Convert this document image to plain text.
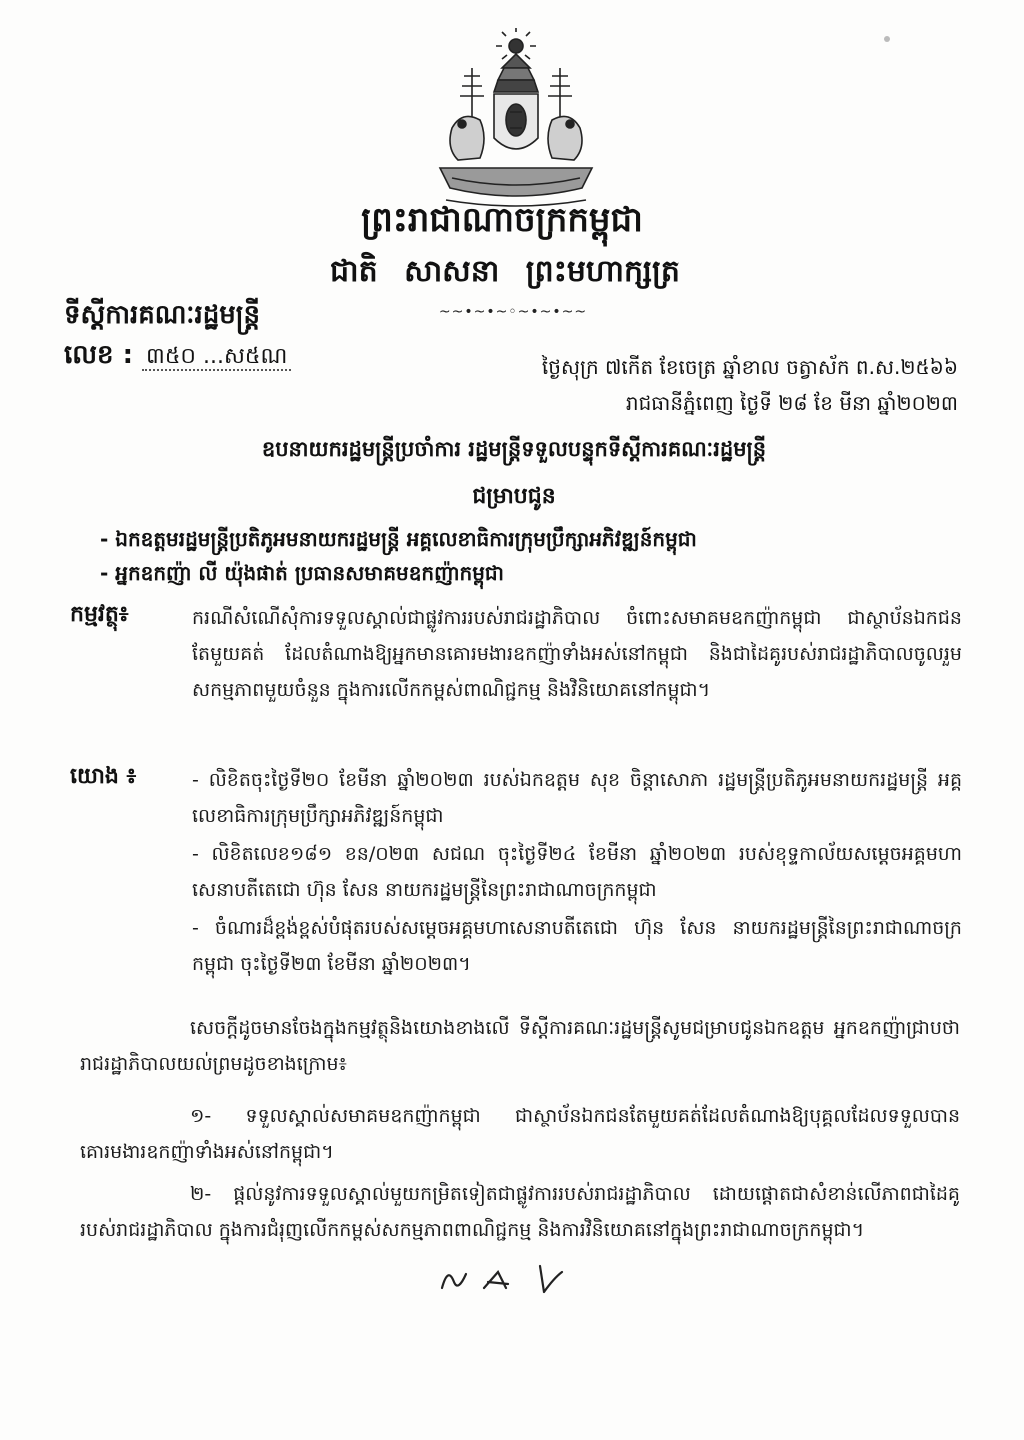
ព្រះរាជាណាចក្រកម្ពុជា
ជាតិ សាសនា ព្រះមហាក្សត្រ
~~•~•~◦~•~•~~
ទីស្តីការគណៈរដ្ឋមន្ត្រី
លេខ : ៣៥០ ...ស៥ណ	ថ្ងៃសុក្រ ៧កើត ខែចេត្រ ឆ្នាំខាល ចត្វាស័ក ព.ស.២៥៦៦
រាជធានីភ្នំពេញ ថ្ងៃទី ២៨ ខែ មីនា ឆ្នាំ២០២៣
ឧបនាយករដ្ឋមន្ត្រីប្រចាំការ រដ្ឋមន្ត្រីទទួលបន្ទុកទីស្តីការគណៈរដ្ឋមន្ត្រី
ជម្រាបជូន
- ឯកឧត្តមរដ្ឋមន្ត្រីប្រតិភូអមនាយករដ្ឋមន្ត្រី អគ្គលេខាធិការក្រុមប្រឹក្សាអភិវឌ្ឍន៍កម្ពុជា
- អ្នកឧកញ៉ា លី យ៉ុងផាត់ ប្រធានសមាគមឧកញ៉ាកម្ពុជា
កម្មវត្ថុ៖	ករណីសំណើសុំការទទួលស្គាល់ជាផ្លូវការរបស់រាជរដ្ឋាភិបាល ចំពោះសមាគមឧកញ៉ាកម្ពុជា ជាស្ថាប័នឯកជនតែមួយគត់ ដែលតំណាងឱ្យអ្នកមានគោរមងារឧកញ៉ាទាំងអស់នៅកម្ពុជា និងជាដៃគូរបស់រាជរដ្ឋាភិបាលចូលរួមសកម្មភាពមួយចំនួន ក្នុងការលើកកម្ពស់ពាណិជ្ជកម្ម និងវិនិយោគនៅកម្ពុជា។
យោង ៖	- លិខិតចុះថ្ងៃទី២០ ខែមីនា ឆ្នាំ២០២៣ របស់ឯកឧត្តម សុខ ចិន្តាសោភា រដ្ឋមន្ត្រីប្រតិភូអមនាយករដ្ឋមន្ត្រី អគ្គលេខាធិការក្រុមប្រឹក្សាអភិវឌ្ឍន៍កម្ពុជា
- លិខិតលេខ១៨១ ខន/០២៣ សជណ ចុះថ្ងៃទី២៤ ខែមីនា ឆ្នាំ២០២៣ របស់ខុទ្ទកាល័យសម្តេចអគ្គមហាសេនាបតីតេជោ ហ៊ុន សែន នាយករដ្ឋមន្ត្រីនៃព្រះរាជាណាចក្រកម្ពុជា
- ចំណារដ៏ខ្ពង់ខ្ពស់បំផុតរបស់សម្តេចអគ្គមហាសេនាបតីតេជោ ហ៊ុន សែន នាយករដ្ឋមន្ត្រីនៃព្រះរាជាណាចក្រកម្ពុជា ចុះថ្ងៃទី២៣ ខែមីនា ឆ្នាំ២០២៣។
សេចក្តីដូចមានចែងក្នុងកម្មវត្ថុនិងយោងខាងលើ ទីស្តីការគណៈរដ្ឋមន្ត្រីសូមជម្រាបជូនឯកឧត្តម អ្នកឧកញ៉ាជ្រាបថា រាជរដ្ឋាភិបាលយល់ព្រមដូចខាងក្រោម៖
១- ទទួលស្គាល់សមាគមឧកញ៉ាកម្ពុជា ជាស្ថាប័នឯកជនតែមួយគត់ដែលតំណាងឱ្យបុគ្គលដែលទទួលបានគោរមងារឧកញ៉ាទាំងអស់នៅកម្ពុជា។
២- ផ្តល់នូវការទទួលស្គាល់មួយកម្រិតទៀតជាផ្លូវការរបស់រាជរដ្ឋាភិបាល ដោយផ្តោតជាសំខាន់លើភាពជាដៃគូរបស់រាជរដ្ឋាភិបាល ក្នុងការជំរុញលើកកម្ពស់សកម្មភាពពាណិជ្ជកម្ម និងការវិនិយោគនៅក្នុងព្រះរាជាណាចក្រកម្ពុជា។
